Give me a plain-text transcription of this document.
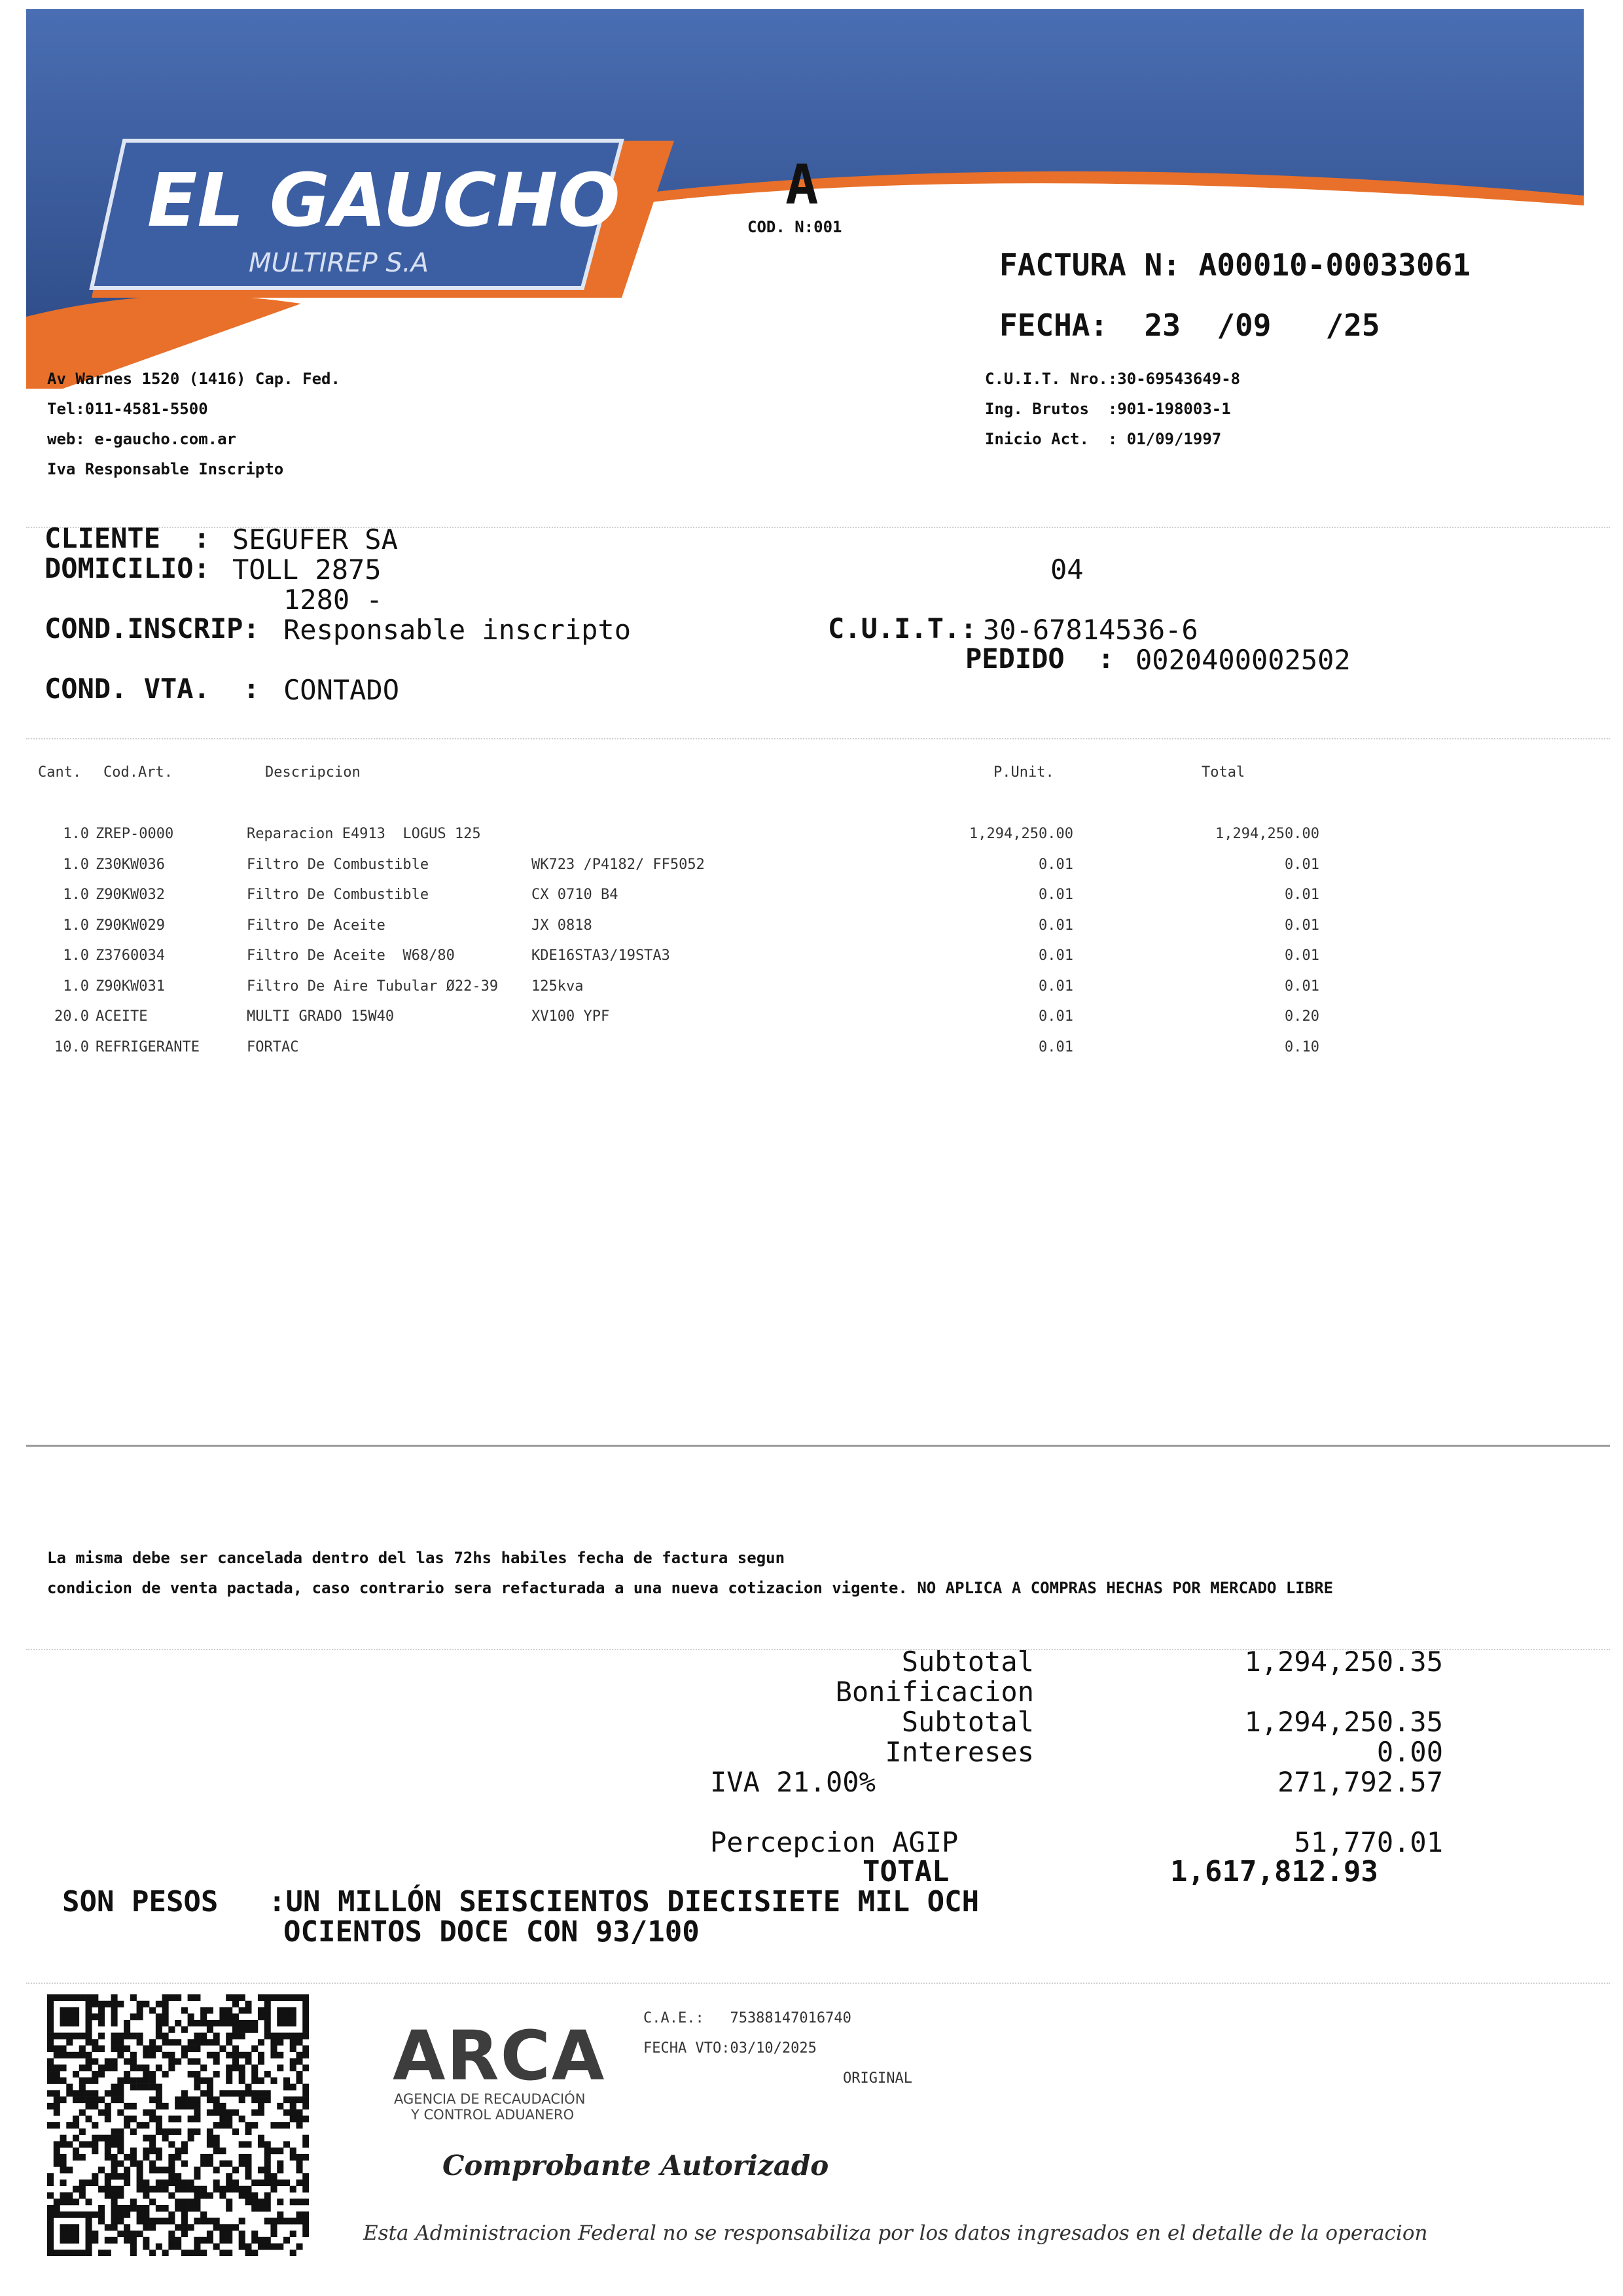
EL GAUCHO
MULTIREP S.A
A
COD. N:001
FACTURA N: A00010-00033061
FECHA:  23  /09   /25
Av Warnes 1520 (1416) Cap. Fed.
Tel:011-4581-5500
web: e-gaucho.com.ar
Iva Responsable Inscripto
C.U.I.T. Nro.:30-69543649-8
Ing. Brutos  :901-198003-1
Inicio Act.  : 01/09/1997
CLIENTE  : SEGUFER SA
DOMICILIO: TOLL 2875	04
1280 -
COND.INSCRIP: Responsable inscripto	C.U.I.T.: 30-67814536-6
PEDIDO  : 0020400002502
COND. VTA.  : CONTADO
Cant. Cod.Art.	Descripcion	P.Unit.	Total
1.0 ZREP-0000	Reparacion E4913  LOGUS 125	1,294,250.00	1,294,250.00
1.0 Z30KW036	Filtro De Combustible	WK723 /P4182/ FF5052	0.01	0.01
1.0 Z90KW032	Filtro De Combustible	CX 0710 B4	0.01	0.01
1.0 Z90KW029	Filtro De Aceite	JX 0818	0.01	0.01
1.0 Z3760034	Filtro De Aceite  W68/80	KDE16STA3/19STA3	0.01	0.01
1.0 Z90KW031	Filtro De Aire Tubular Ø22-39 125kva	0.01	0.01
20.0 ACEITE	MULTI GRADO 15W40	XV100 YPF	0.01	0.20
10.0 REFRIGERANTE	FORTAC	0.01	0.10
La misma debe ser cancelada dentro del las 72hs habiles fecha de factura segun
condicion de venta pactada, caso contrario sera refacturada a una nueva cotizacion vigente. NO APLICA A COMPRAS HECHAS POR MERCADO LIBRE
Subtotal	1,294,250.35
Bonificacion
Subtotal	1,294,250.35
Intereses	0.00
IVA 21.00%	271,792.57
Percepcion AGIP	51,770.01
TOTAL	1,617,812.93
SON PESOS :UN MILLÓN SEISCIENTOS DIECISIETE MIL OCH
OCIENTOS DOCE CON 93/100
ARCA
AGENCIA DE RECAUDACIÓN
Y CONTROL ADUANERO
C.A.E.:   75388147016740
FECHA VTO:03/10/2025
ORIGINAL
Comprobante Autorizado
Esta Administracion Federal no se responsabiliza por los datos ingresados en el detalle de la operacion
